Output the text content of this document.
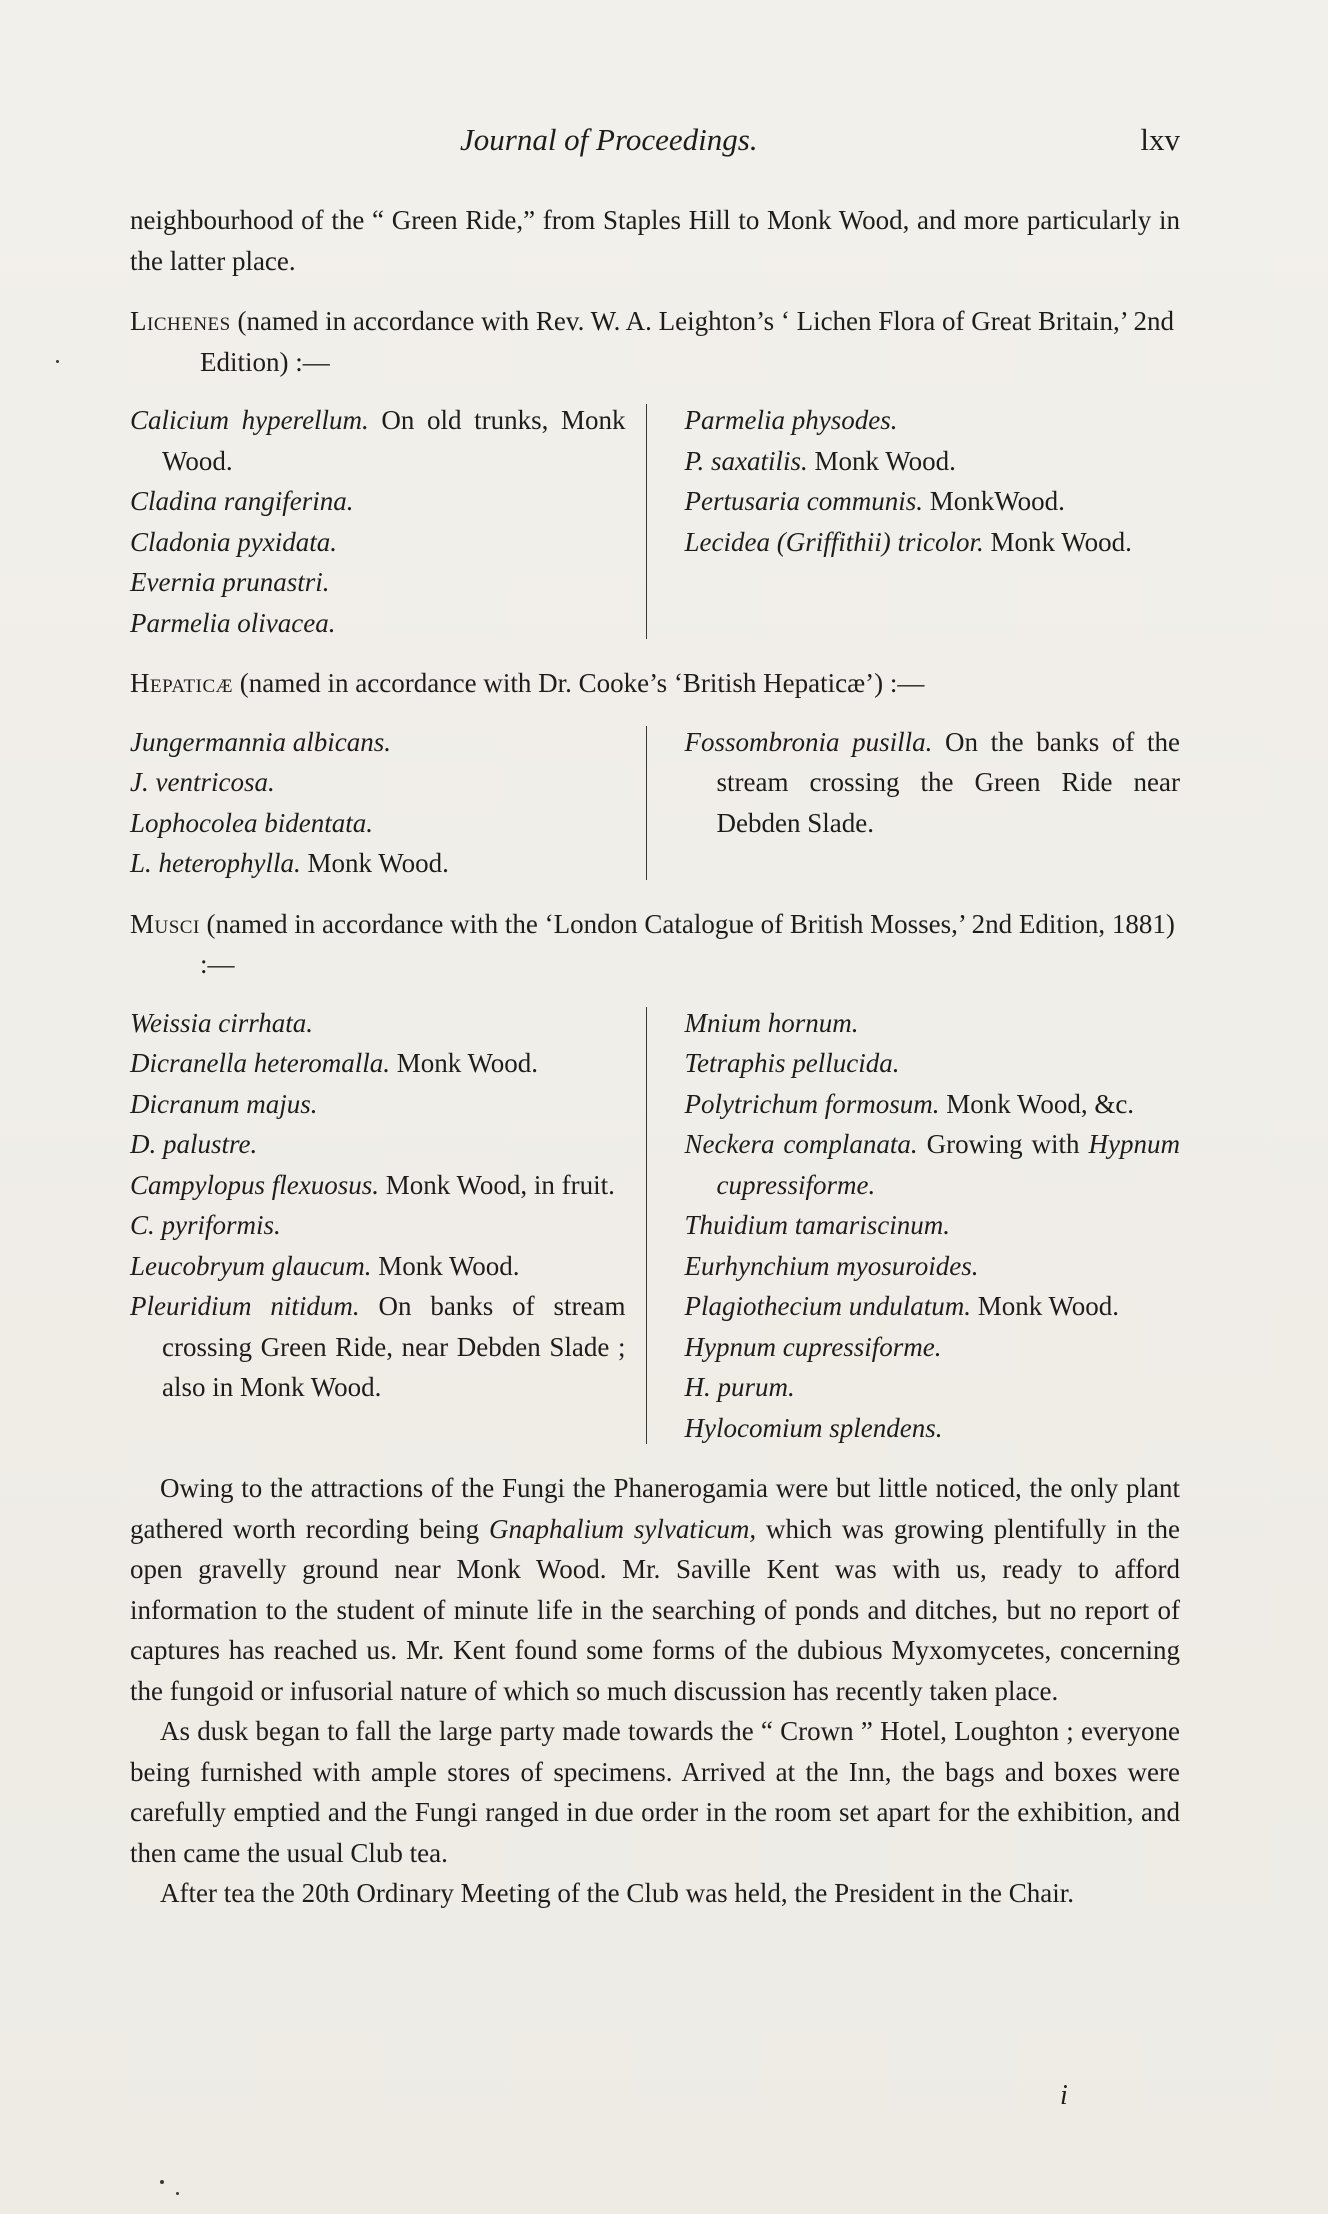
Journal of Proceedings.	lxv

neighbourhood of the “ Green Ride,” from Staples Hill to Monk Wood, and more particularly in the latter place.

Lichenes (named in accordance with Rev. W. A. Leighton’s ‘ Lichen Flora of Great Britain,’ 2nd Edition) :—

Calicium hyperellum. On old trunks, Monk Wood.
Cladina rangiferina.
Cladonia pyxidata.
Evernia prunastri.
Parmelia olivacea.
Parmelia physodes.
P. saxatilis. Monk Wood.
Pertusaria communis. MonkWood.
Lecidea (Griffithii) tricolor. Monk Wood.

Hepaticæ (named in accordance with Dr. Cooke’s ‘British Hepaticæ’) :—

Jungermannia albicans.
J. ventricosa.
Lophocolea bidentata.
L. heterophylla. Monk Wood.
Fossombronia pusilla. On the banks of the stream crossing the Green Ride near Debden Slade.

Musci (named in accordance with the ‘London Catalogue of British Mosses,’ 2nd Edition, 1881) :—

Weissia cirrhata.
Dicranella heteromalla. Monk Wood.
Dicranum majus.
D. palustre.
Campylopus flexuosus. Monk Wood, in fruit.
C. pyriformis.
Leucobryum glaucum. Monk Wood.
Pleuridium nitidum. On banks of stream crossing Green Ride, near Debden Slade ; also in Monk Wood.
Mnium hornum.
Tetraphis pellucida.
Polytrichum formosum. Monk Wood, &c.
Neckera complanata. Growing with Hypnum cupressiforme.
Thuidium tamariscinum.
Eurhynchium myosuroides.
Plagiothecium undulatum. Monk Wood.
Hypnum cupressiforme.
H. purum.
Hylocomium splendens.

Owing to the attractions of the Fungi the Phanerogamia were but little noticed, the only plant gathered worth recording being Gnaphalium sylvaticum, which was growing plentifully in the open gravelly ground near Monk Wood. Mr. Saville Kent was with us, ready to afford information to the student of minute life in the searching of ponds and ditches, but no report of captures has reached us. Mr. Kent found some forms of the dubious Myxomycetes, concerning the fungoid or infusorial nature of which so much discussion has recently taken place.

As dusk began to fall the large party made towards the “ Crown ” Hotel, Loughton ; everyone being furnished with ample stores of specimens. Arrived at the Inn, the bags and boxes were carefully emptied and the Fungi ranged in due order in the room set apart for the exhibition, and then came the usual Club tea.

After tea the 20th Ordinary Meeting of the Club was held, the President in the Chair.

i
